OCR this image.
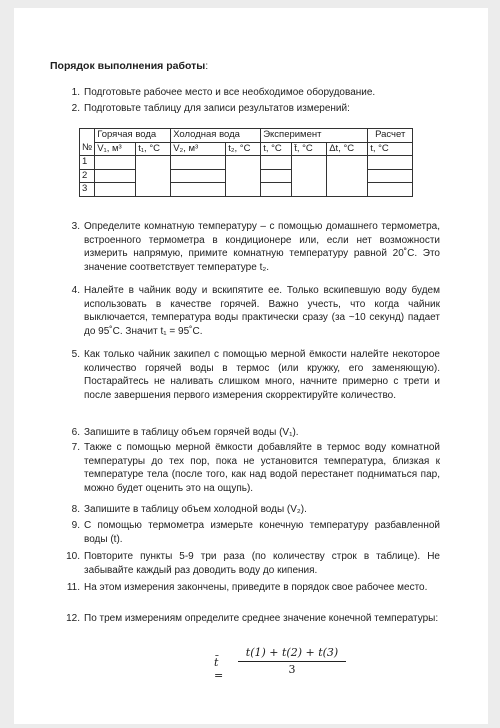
Порядок выполнения работы:
1. Подготовьте рабочее место и все необходимое оборудование.
2. Подготовьте таблицу для записи результатов измерений:
3. Определите комнатную температуру – с помощью домашнего термометра, встроенного термометра в кондиционере или, если нет возможности измерить напрямую, примите комнатную температуру равной 20˚С. Это значение соответствует температуре t₂.
4. Налейте в чайник воду и вскипятите ее. Только вскипевшую воду будем использовать в качестве горячей. Важно учесть, что когда чайник выключается, температура воды практически сразу (за ~10 секунд) падает до 95˚С. Значит t₁ = 95˚С.
5. Как только чайник закипел с помощью мерной ёмкости налейте некоторое количество горячей воды в термос (или кружку, его заменяющую). Постарайтесь не наливать слишком много, начните примерно с трети и после завершения первого измерения скорректируйте количество.
6. Запишите в таблицу объем горячей воды (V₁).
7. Также с помощью мерной ёмкости добавляйте в термос воду комнатной температуры до тех пор, пока не установится температура, близкая к температуре тела (после того, как над водой перестанет подниматься пар, можно будет оценить это на ощупь).
8. Запишите в таблицу объем холодной воды (V₂).
9. С помощью термометра измерьте конечную температуру разбавленной воды (t).
10. Повторите пункты 5-9 три раза (по количеству строк в таблице). Не забывайте каждый раз доводить воду до кипения.
11. На этом измерения закончены, приведите в порядок свое рабочее место.
12. По трем измерениям определите среднее значение конечной температуры:
	Горячая вода		Холодная вода		Эксперимент			Расчет
№	V₁, м³	t₁, °C	V₂, м³	t₂, °C	t, °C	t̄, °C	Δt, °C	t, °C
1								
2								
3								
t̄ = $\frac{t(1) + t(2) + t(3)}{3}$
